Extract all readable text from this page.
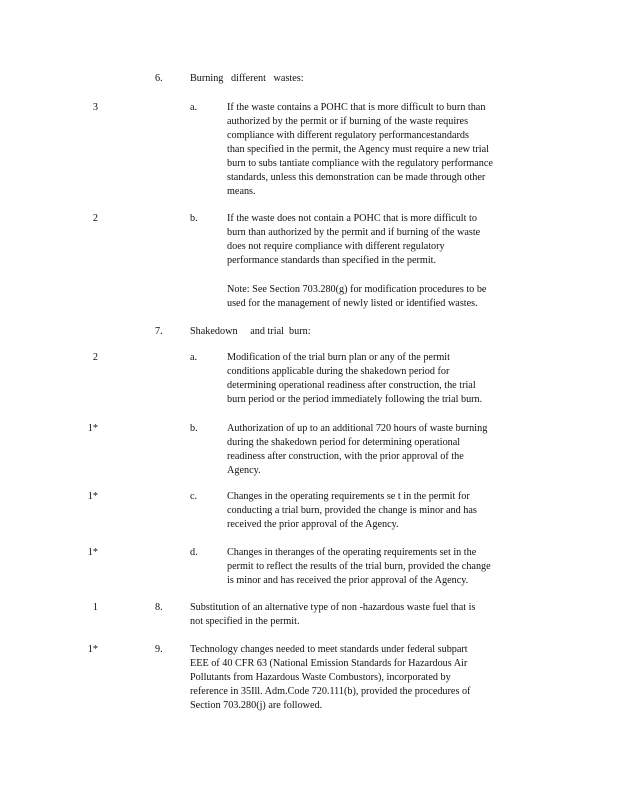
6.	Burning   different   wastes:
3	a.	If the waste contains a POHC that is more difficult to burn than
authorized by the permit or if burning of the waste requires
compliance with different regulatory performancestandards
than specified in the permit, the Agency must require a new trial
burn to subs tantiate compliance with the regulatory performance
standards, unless this demonstration can be made through other
means.
2	b.	If the waste does not contain a POHC that is more difficult to
burn than authorized by the permit and if burning of the waste
does not require compliance with different regulatory
performance standards than specified in the permit.
Note: See Section 703.280(g) for modification procedures to be
used for the management of newly listed or identified wastes.
7.	Shakedown     and trial  burn:
2	a.	Modification of the trial burn plan or any of the permit
conditions applicable during the shakedown period for
determining operational readiness after construction, the trial
burn period or the period immediately following the trial burn.
1*	b.	Authorization of up to an additional 720 hours of waste burning
during the shakedown period for determining operational
readiness after construction, with the prior approval of the
Agency.
1*	c.	Changes in the operating requirements se t in the permit for
conducting a trial burn, provided the change is minor and has
received the prior approval of the Agency.
1*	d.	Changes in theranges of the operating requirements set in the
permit to reflect the results of the trial burn, provided the change
is minor and has received the prior approval of the Agency.
1	8.	Substitution of an alternative type of non -hazardous waste fuel that is
not specified in the permit.
1*	9.	Technology changes needed to meet standards under federal subpart
EEE of 40 CFR 63 (National Emission Standards for Hazardous Air
Pollutants from Hazardous Waste Combustors), incorporated by
reference in 35Ill. Adm.Code 720.111(b), provided the procedures of
Section 703.280(j) are followed.
